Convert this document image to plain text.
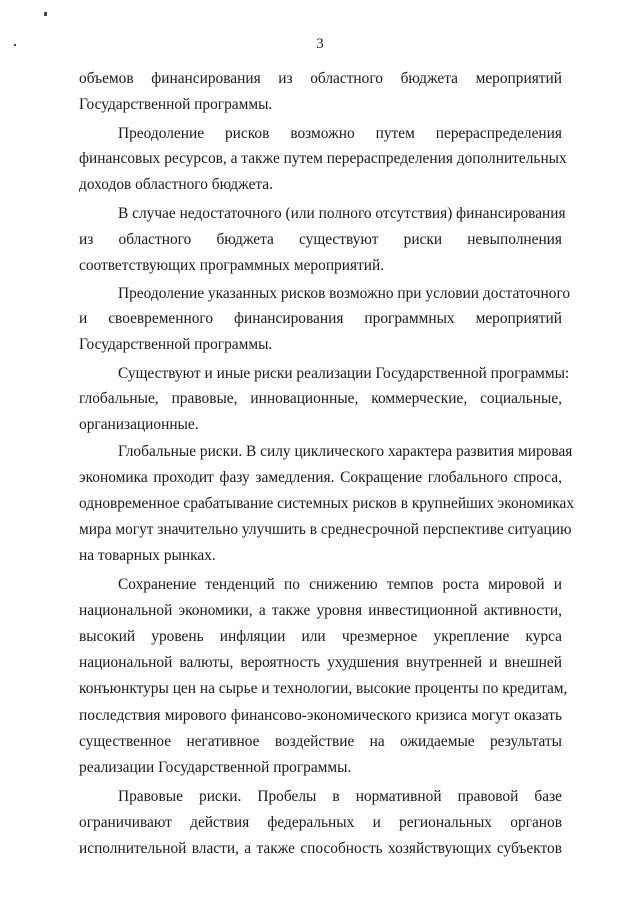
3
объемов финансирования из областного бюджета мероприятий
Государственной программы.
Преодоление рисков возможно путем перераспределения
финансовых ресурсов, а также путем перераспределения дополнительных
доходов областного бюджета.
В случае недостаточного (или полного отсутствия) финансирования
из областного бюджета существуют риски невыполнения
соответствующих программных мероприятий.
Преодоление указанных рисков возможно при условии достаточного
и своевременного финансирования программных мероприятий
Государственной программы.
Существуют и иные риски реализации Государственной программы:
глобальные, правовые, инновационные, коммерческие, социальные,
организационные.
Глобальные риски. В силу циклического характера развития мировая
экономика проходит фазу замедления. Сокращение глобального спроса,
одновременное срабатывание системных рисков в крупнейших экономиках
мира могут значительно улучшить в среднесрочной перспективе ситуацию
на товарных рынках.
Сохранение тенденций по снижению темпов роста мировой и
национальной экономики, а также уровня инвестиционной активности,
высокий уровень инфляции или чрезмерное укрепление курса
национальной валюты, вероятность ухудшения внутренней и внешней
конъюнктуры цен на сырье и технологии, высокие проценты по кредитам,
последствия мирового финансово-экономического кризиса могут оказать
существенное негативное воздействие на ожидаемые результаты
реализации Государственной программы.
Правовые риски. Пробелы в нормативной правовой базе
ограничивают действия федеральных и региональных органов
исполнительной власти, а также способность хозяйствующих субъектов
